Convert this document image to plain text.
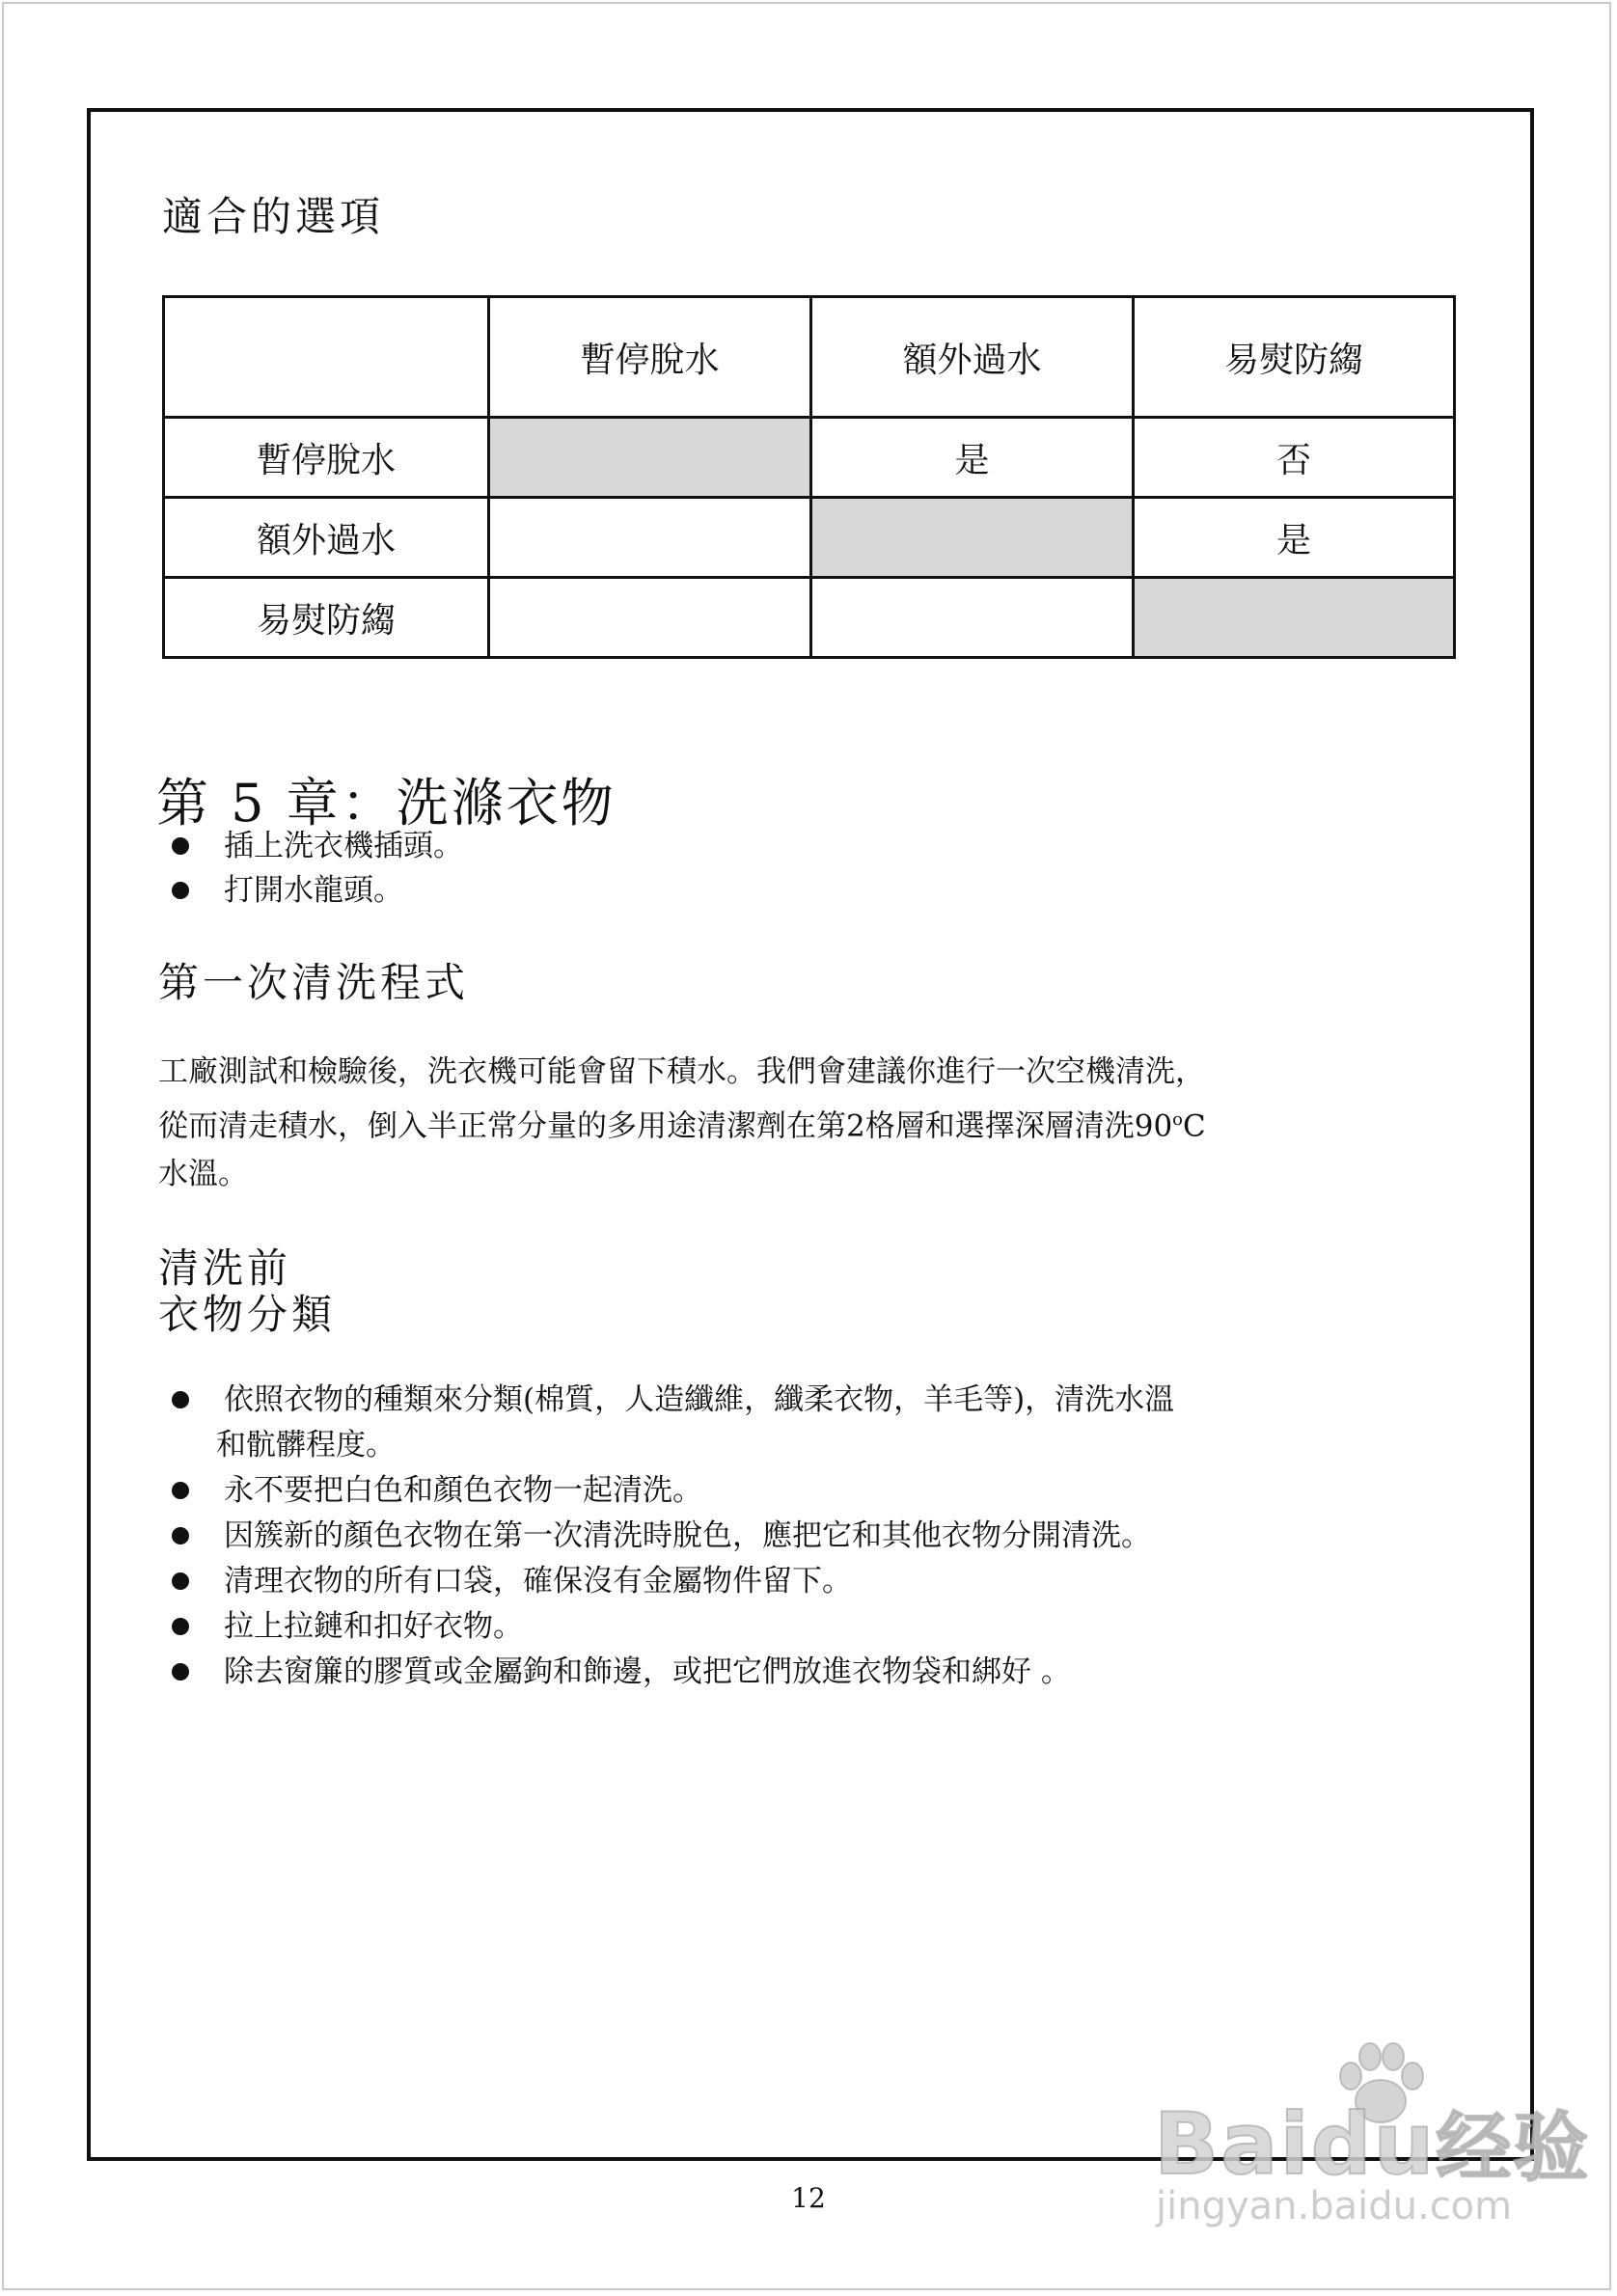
適合的選項
	暫停脫水	額外過水	易熨防縐
暫停脫水		是	否
額外過水			是
易熨防縐			
第 5 章：洗滌衣物
插上洗衣機插頭。
打開水龍頭。
第一次清洗程式
工廠測試和檢驗後，洗衣機可能會留下積水。我們會建議你進行一次空機清洗，
從而清走積水，倒入半正常分量的多用途清潔劑在第2格層和選擇深層清洗90$^o$C
水溫。
清洗前
衣物分類
依照衣物的種類來分類(棉質，人造纖維，纖柔衣物，羊毛等)，清洗水溫
和骯髒程度。
永不要把白色和顏色衣物一起清洗。
因簇新的顏色衣物在第一次清洗時脫色，應把它和其他衣物分開清洗。
清理衣物的所有口袋，確保沒有金屬物件留下。
拉上拉鏈和扣好衣物。
除去窗簾的膠質或金屬鉤和飾邊，或把它們放進衣物袋和綁好 。
12
Baidu经验
jingyan.baidu.com
